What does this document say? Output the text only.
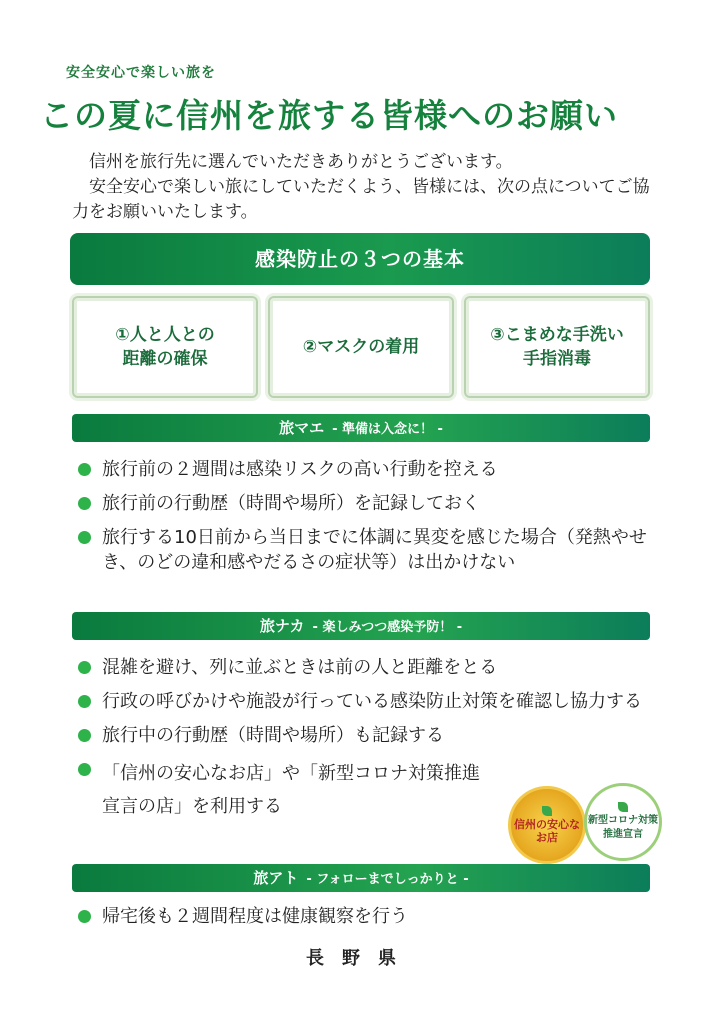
安全安心で楽しい旅を
この夏に信州を旅する皆様へのお願い

信州を旅行先に選んでいただきありがとうございます。

安全安心で楽しい旅にしていただくよう、皆様には、次の点についてご協力をお願いいたします。

感染防止の３つの基本
①人と人との
距離の確保
②マスクの着用
③こまめな手洗い
手指消毒
旅マエ - 準備は入念に！ -
旅行前の２週間は感染リスクの高い行動を控える
旅行前の行動歴（時間や場所）を記録しておく
旅行する10日前から当日までに体調に異変を感じた場合（発熱やせき、のどの違和感やだるさの症状等）は出かけない
旅ナカ - 楽しみつつ感染予防！ -
混雑を避け、列に並ぶときは前の人と距離をとる
行政の呼びかけや施設が行っている感染防止対策を確認し協力する
旅行中の行動歴（時間や場所）も記録する
「信州の安心なお店」や「新型コロナ対策推進宣言の店」を利用する
信州の安心なお店
新型コロナ対策推進宣言
旅アト - フォローまでしっかりと -
帰宅後も２週間程度は健康観察を行う
長野県
